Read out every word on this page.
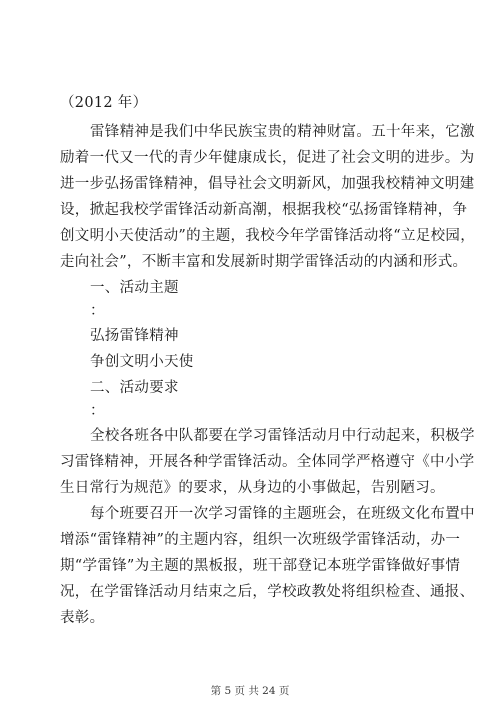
（2012 年）
雷锋精神是我们中华民族宝贵的精神财富。五十年来，它激
励着一代又一代的青少年健康成长，促进了社会文明的进步。为
进一步弘扬雷锋精神，倡导社会文明新风，加强我校精神文明建
设，掀起我校学雷锋活动新高潮，根据我校“弘扬雷锋精神，争
创文明小天使活动”的主题，我校今年学雷锋活动将“立足校园，
走向社会”，不断丰富和发展新时期学雷锋活动的内涵和形式。
一、活动主题
：
弘扬雷锋精神
争创文明小天使
二、活动要求
：
全校各班各中队都要在学习雷锋活动月中行动起来，积极学
习雷锋精神，开展各种学雷锋活动。全体同学严格遵守《中小学
生日常行为规范》的要求，从身边的小事做起，告别陋习。
每个班要召开一次学习雷锋的主题班会，在班级文化布置中
增添“雷锋精神”的主题内容，组织一次班级学雷锋活动，办一
期“学雷锋”为主题的黑板报，班干部登记本班学雷锋做好事情
况，在学雷锋活动月结束之后，学校政教处将组织检查、通报、
表彰。
第 5 页 共 24 页
